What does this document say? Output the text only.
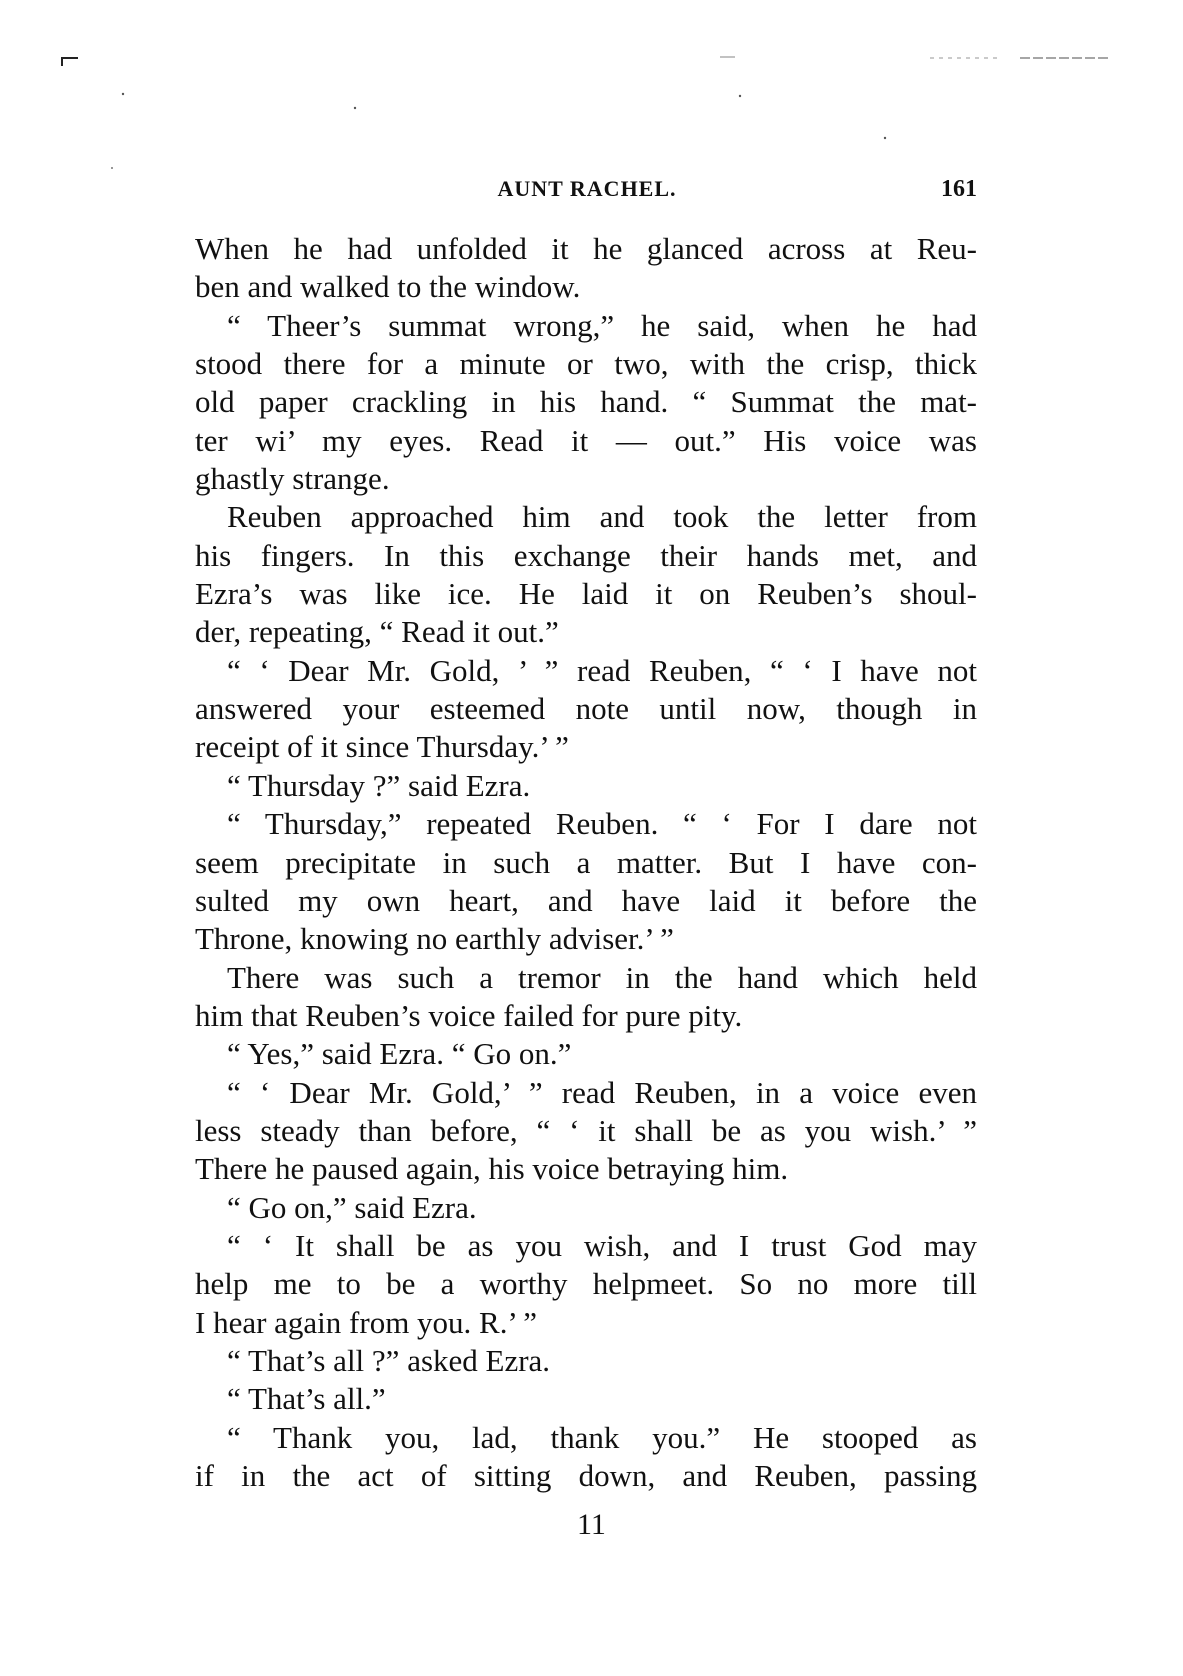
AUNT RACHEL.	161
When he had unfolded it he glanced across at Reu-
ben and walked to the window.
“ Theer’s summat wrong,” he said, when he had
stood there for a minute or two, with the crisp, thick
old paper crackling in his hand. “ Summat the mat-
ter wi’ my eyes. Read it — out.” His voice was
ghastly strange.
Reuben approached him and took the letter from
his fingers. In this exchange their hands met, and
Ezra’s was like ice. He laid it on Reuben’s shoul-
der, repeating, “ Read it out.”
“ ‘ Dear Mr. Gold, ’ ” read Reuben, “ ‘ I have not
answered your esteemed note until now, though in
receipt of it since Thursday.’ ”
“ Thursday ?” said Ezra.
“ Thursday,” repeated Reuben. “ ‘ For I dare not
seem precipitate in such a matter. But I have con-
sulted my own heart, and have laid it before the
Throne, knowing no earthly adviser.’ ”
There was such a tremor in the hand which held
him that Reuben’s voice failed for pure pity.
“ Yes,” said Ezra. “ Go on.”
“ ‘ Dear Mr. Gold,’ ” read Reuben, in a voice even
less steady than before, “ ‘ it shall be as you wish.’ ”
There he paused again, his voice betraying him.
“ Go on,” said Ezra.
“ ‘ It shall be as you wish, and I trust God may
help me to be a worthy helpmeet. So no more till
I hear again from you. R.’ ”
“ That’s all ?” asked Ezra.
“ That’s all.”
“ Thank you, lad, thank you.” He stooped as
if in the act of sitting down, and Reuben, passing
11
